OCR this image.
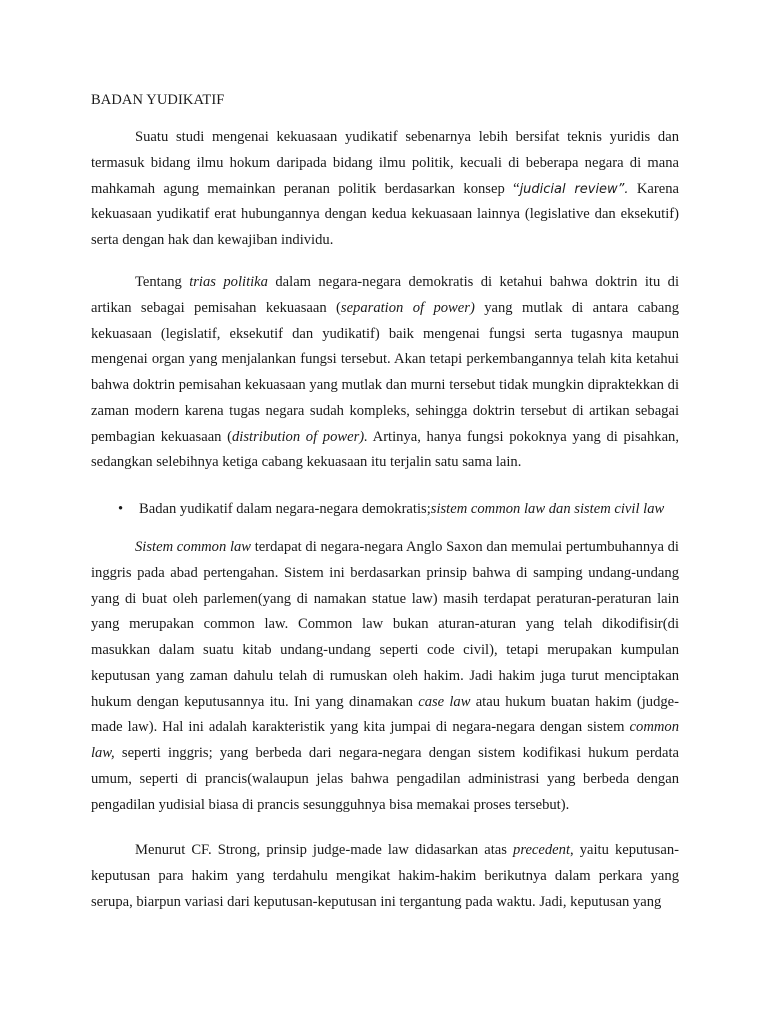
BADAN YUDIKATIF

Suatu studi mengenai kekuasaan yudikatif sebenarnya lebih bersifat teknis yuridis dan termasuk bidang ilmu hokum daripada bidang ilmu politik, kecuali di beberapa negara di mana mahkamah agung memainkan peranan politik berdasarkan konsep “judicial review”. Karena kekuasaan yudikatif erat hubungannya dengan kedua kekuasaan lainnya (legislative dan eksekutif) serta dengan hak dan kewajiban individu.

Tentang trias politika dalam negara-negara demokratis di ketahui bahwa doktrin itu di artikan sebagai pemisahan kekuasaan (separation of power) yang mutlak di antara cabang kekuasaan (legislatif, eksekutif dan yudikatif) baik mengenai fungsi serta tugasnya maupun mengenai organ yang menjalankan fungsi tersebut. Akan tetapi perkembangannya telah kita ketahui bahwa doktrin pemisahan kekuasaan yang mutlak dan murni tersebut tidak mungkin dipraktekkan di zaman modern karena tugas negara sudah kompleks, sehingga doktrin tersebut di artikan sebagai pembagian kekuasaan (distribution of power). Artinya, hanya fungsi pokoknya yang di pisahkan, sedangkan selebihnya ketiga cabang kekuasaan itu terjalin satu sama lain.

• Badan yudikatif dalam negara-negara demokratis;sistem common law dan sistem civil law

Sistem common law terdapat di negara-negara Anglo Saxon dan memulai pertumbuhannya di inggris pada abad pertengahan. Sistem ini berdasarkan prinsip bahwa di samping undang-undang yang di buat oleh parlemen(yang di namakan statue law) masih terdapat peraturan-peraturan lain yang merupakan common law. Common law bukan aturan-aturan yang telah dikodifisir(di masukkan dalam suatu kitab undang-undang seperti code civil), tetapi merupakan kumpulan keputusan yang zaman dahulu telah di rumuskan oleh hakim. Jadi hakim juga turut menciptakan hukum dengan keputusannya itu. Ini yang dinamakan case law atau hukum buatan hakim (judge-made law). Hal ini adalah karakteristik yang kita jumpai di negara-negara dengan sistem common law, seperti inggris; yang berbeda dari negara-negara dengan sistem kodifikasi hukum perdata umum, seperti di prancis(walaupun jelas bahwa pengadilan administrasi yang berbeda dengan pengadilan yudisial biasa di prancis sesungguhnya bisa memakai proses tersebut).

Menurut CF. Strong, prinsip judge-made law didasarkan atas precedent, yaitu keputusan-keputusan para hakim yang terdahulu mengikat hakim-hakim berikutnya dalam perkara yang serupa, biarpun variasi dari keputusan-keputusan ini tergantung pada waktu. Jadi, keputusan yang
